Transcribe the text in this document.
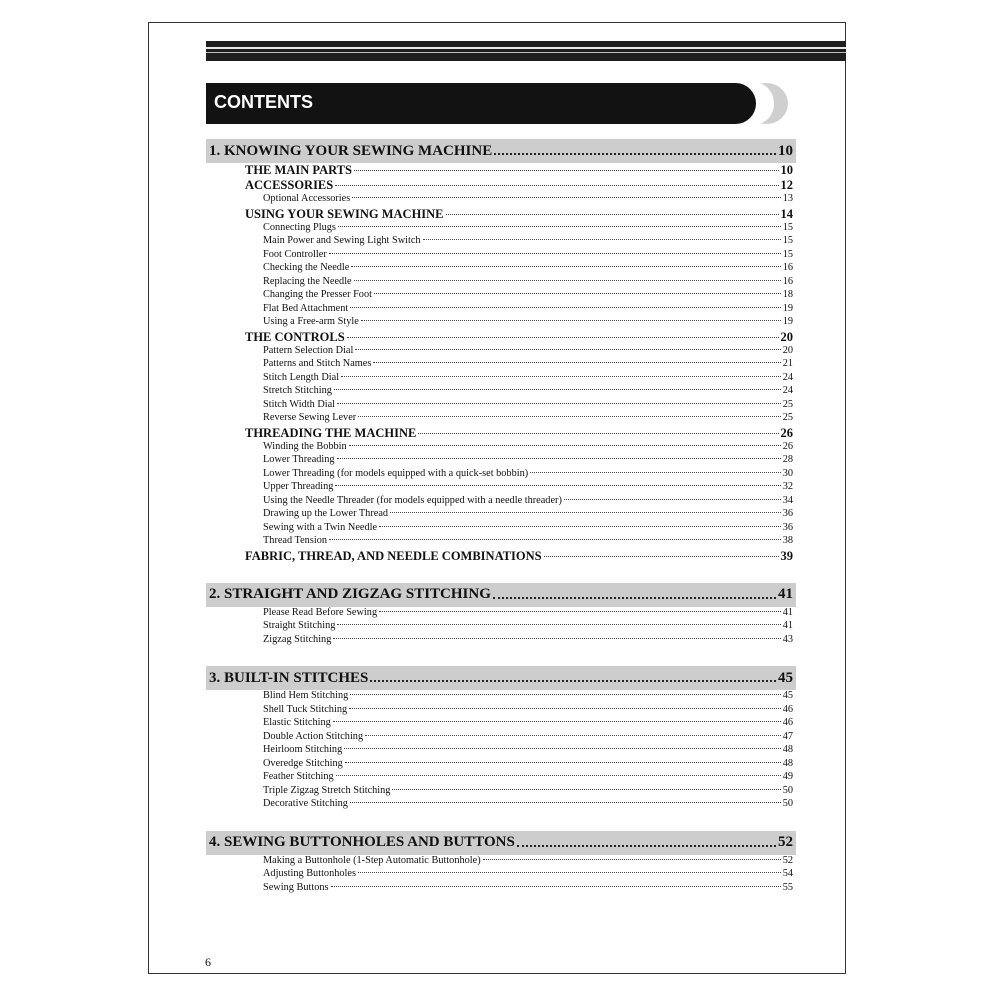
CONTENTS
1. KNOWING YOUR SEWING MACHINE	10
THE MAIN PARTS	10
ACCESSORIES	12
Optional Accessories	13
USING YOUR SEWING MACHINE	14
Connecting Plugs	15
Main Power and Sewing Light Switch	15
Foot Controller	15
Checking the Needle	16
Replacing the Needle	16
Changing the Presser Foot	18
Flat Bed Attachment	19
Using a Free-arm Style	19
THE CONTROLS	20
Pattern Selection Dial	20
Patterns and Stitch Names	21
Stitch Length Dial	24
Stretch Stitching	24
Stitch Width Dial	25
Reverse Sewing Lever	25
THREADING THE MACHINE	26
Winding the Bobbin	26
Lower Threading	28
Lower Threading (for models equipped with a quick-set bobbin)	30
Upper Threading	32
Using the Needle Threader (for models equipped with a needle threader)	34
Drawing up the Lower Thread	36
Sewing with a Twin Needle	36
Thread Tension	38
FABRIC, THREAD, AND NEEDLE COMBINATIONS	39
2. STRAIGHT AND ZIGZAG STITCHING	41
Please Read Before Sewing	41
Straight Stitching	41
Zigzag Stitching	43
3. BUILT-IN STITCHES	45
Blind Hem Stitching	45
Shell Tuck Stitching	46
Elastic Stitching	46
Double Action Stitching	47
Heirloom Stitching	48
Overedge Stitching	48
Feather Stitching	49
Triple Zigzag Stretch Stitching	50
Decorative Stitching	50
4. SEWING BUTTONHOLES AND BUTTONS	52
Making a Buttonhole (1-Step Automatic Buttonhole)	52
Adjusting Buttonholes	54
Sewing Buttons	55
6
